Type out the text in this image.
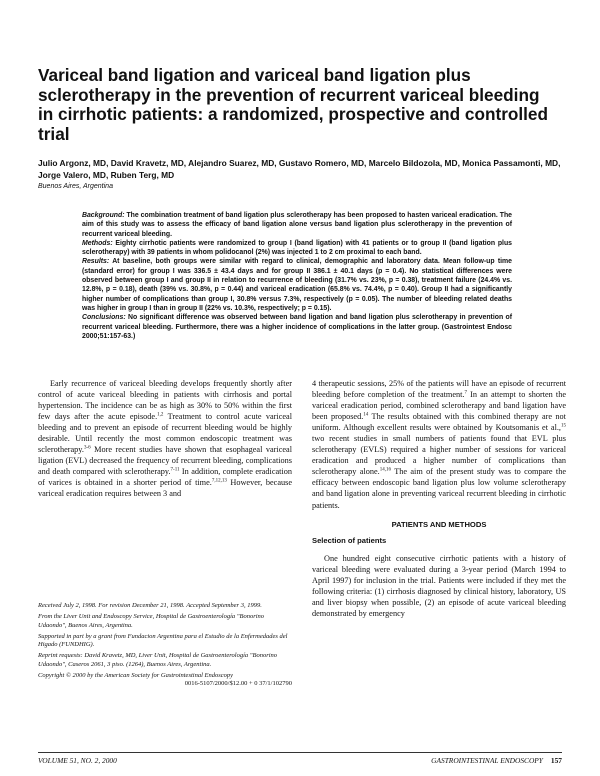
Variceal band ligation and variceal band ligation plus sclerotherapy in the prevention of recurrent variceal bleeding in cirrhotic patients: a randomized, prospective and controlled trial
Julio Argonz, MD, David Kravetz, MD, Alejandro Suarez, MD, Gustavo Romero, MD, Marcelo Bildozola, MD, Monica Passamonti, MD, Jorge Valero, MD, Ruben Terg, MD
Buenos Aires, Argentina

Background: The combination treatment of band ligation plus sclerotherapy has been proposed to hasten variceal eradication. The aim of this study was to assess the efficacy of band ligation alone versus band ligation plus sclerotherapy in the prevention of recurrent variceal bleeding.

Methods: Eighty cirrhotic patients were randomized to group I (band ligation) with 41 patients or to group II (band ligation plus sclerotherapy) with 39 patients in whom polidocanol (2%) was injected 1 to 2 cm proximal to each band.

Results: At baseline, both groups were similar with regard to clinical, demographic and laboratory data. Mean follow-up time (standard error) for group I was 336.5 ± 43.4 days and for group II 386.1 ± 40.1 days (p = 0.4). No statistical differences were observed between group I and group II in relation to recurrence of bleeding (31.7% vs. 23%, p = 0.38), treatment failure (24.4% vs. 12.8%, p = 0.18), death (39% vs. 30.8%, p = 0.44) and variceal eradication (65.8% vs. 74.4%, p = 0.40). Group II had a significantly higher number of complications than group I, 30.8% versus 7.3%, respectively (p = 0.05). The number of bleeding related deaths was higher in group I than in group II (22% vs. 10.3%, respectively; p = 0.15).

Conclusions: No significant difference was observed between band ligation and band ligation plus sclerotherapy in prevention of recurrent variceal bleeding. Furthermore, there was a higher incidence of complications in the latter group. (Gastrointest Endosc 2000;51:157-63.)

Early recurrence of variceal bleeding develops frequently shortly after control of acute variceal bleeding in patients with cirrhosis and portal hypertension. The incidence can be as high as 30% to 50% within the first few days after the acute episode.$^{1,2}$ Treatment to control acute variceal bleeding and to prevent an episode of recurrent bleeding would be highly desirable. Until recently the most common endoscopic treatment was sclerotherapy.$^{3-6}$ More recent studies have shown that esophageal variceal ligation (EVL) decreased the frequency of recurrent bleeding, complications and death compared with sclerotherapy.$^{7-11}$ In addition, complete eradication of varices is obtained in a shorter period of time.$^{7,12,13}$ However, because variceal eradication requires between 3 and

4 therapeutic sessions, 25% of the patients will have an episode of recurrent bleeding before completion of the treatment.$^7$ In an attempt to shorten the variceal eradication period, combined sclerotherapy and band ligation have been proposed.$^{14}$ The results obtained with this combined therapy are not uniform. Although excellent results were obtained by Koutsomanis et al.,$^{15}$ two recent studies in small numbers of patients found that EVL plus sclerotherapy (EVLS) required a higher number of sessions for variceal eradication and produced a higher number of complications than sclerotherapy alone.$^{14,16}$ The aim of the present study was to compare the efficacy between endoscopic band ligation plus low volume sclerotherapy and band ligation alone in preventing variceal recurrent bleeding in cirrhotic patients.

PATIENTS AND METHODS
Selection of patients

One hundred eight consecutive cirrhotic patients with a history of variceal bleeding were evaluated during a 3-year period (March 1994 to April 1997) for inclusion in the trial. Patients were included if they met the following criteria: (1) cirrhosis diagnosed by clinical history, laboratory, US and liver biopsy when possible, (2) an episode of acute variceal bleeding demonstrated by emergency

Received July 2, 1998. For revision December 21, 1998. Accepted September 3, 1999.

From the Liver Unit and Endoscopy Service, Hospital de Gastroenterología "Bonorino Udaondo", Buenos Aires, Argentina.

Supported in part by a grant from Fundacion Argentina para el Estudio de la Enfermedades del Higado (FUNDHIG).

Reprint requests: David Kravetz, MD, Liver Unit, Hospital de Gastroenterología "Bonorino Udaondo", Caseros 2061, 3 piso. (1264), Buenos Aires, Argentina.

Copyright © 2000 by the American Society for Gastrointestinal Endoscopy

0016-5107/2000/$12.00 + 0 37/1/102790

VOLUME 51, NO. 2, 2000	GASTROINTESTINAL ENDOSCOPY 157
